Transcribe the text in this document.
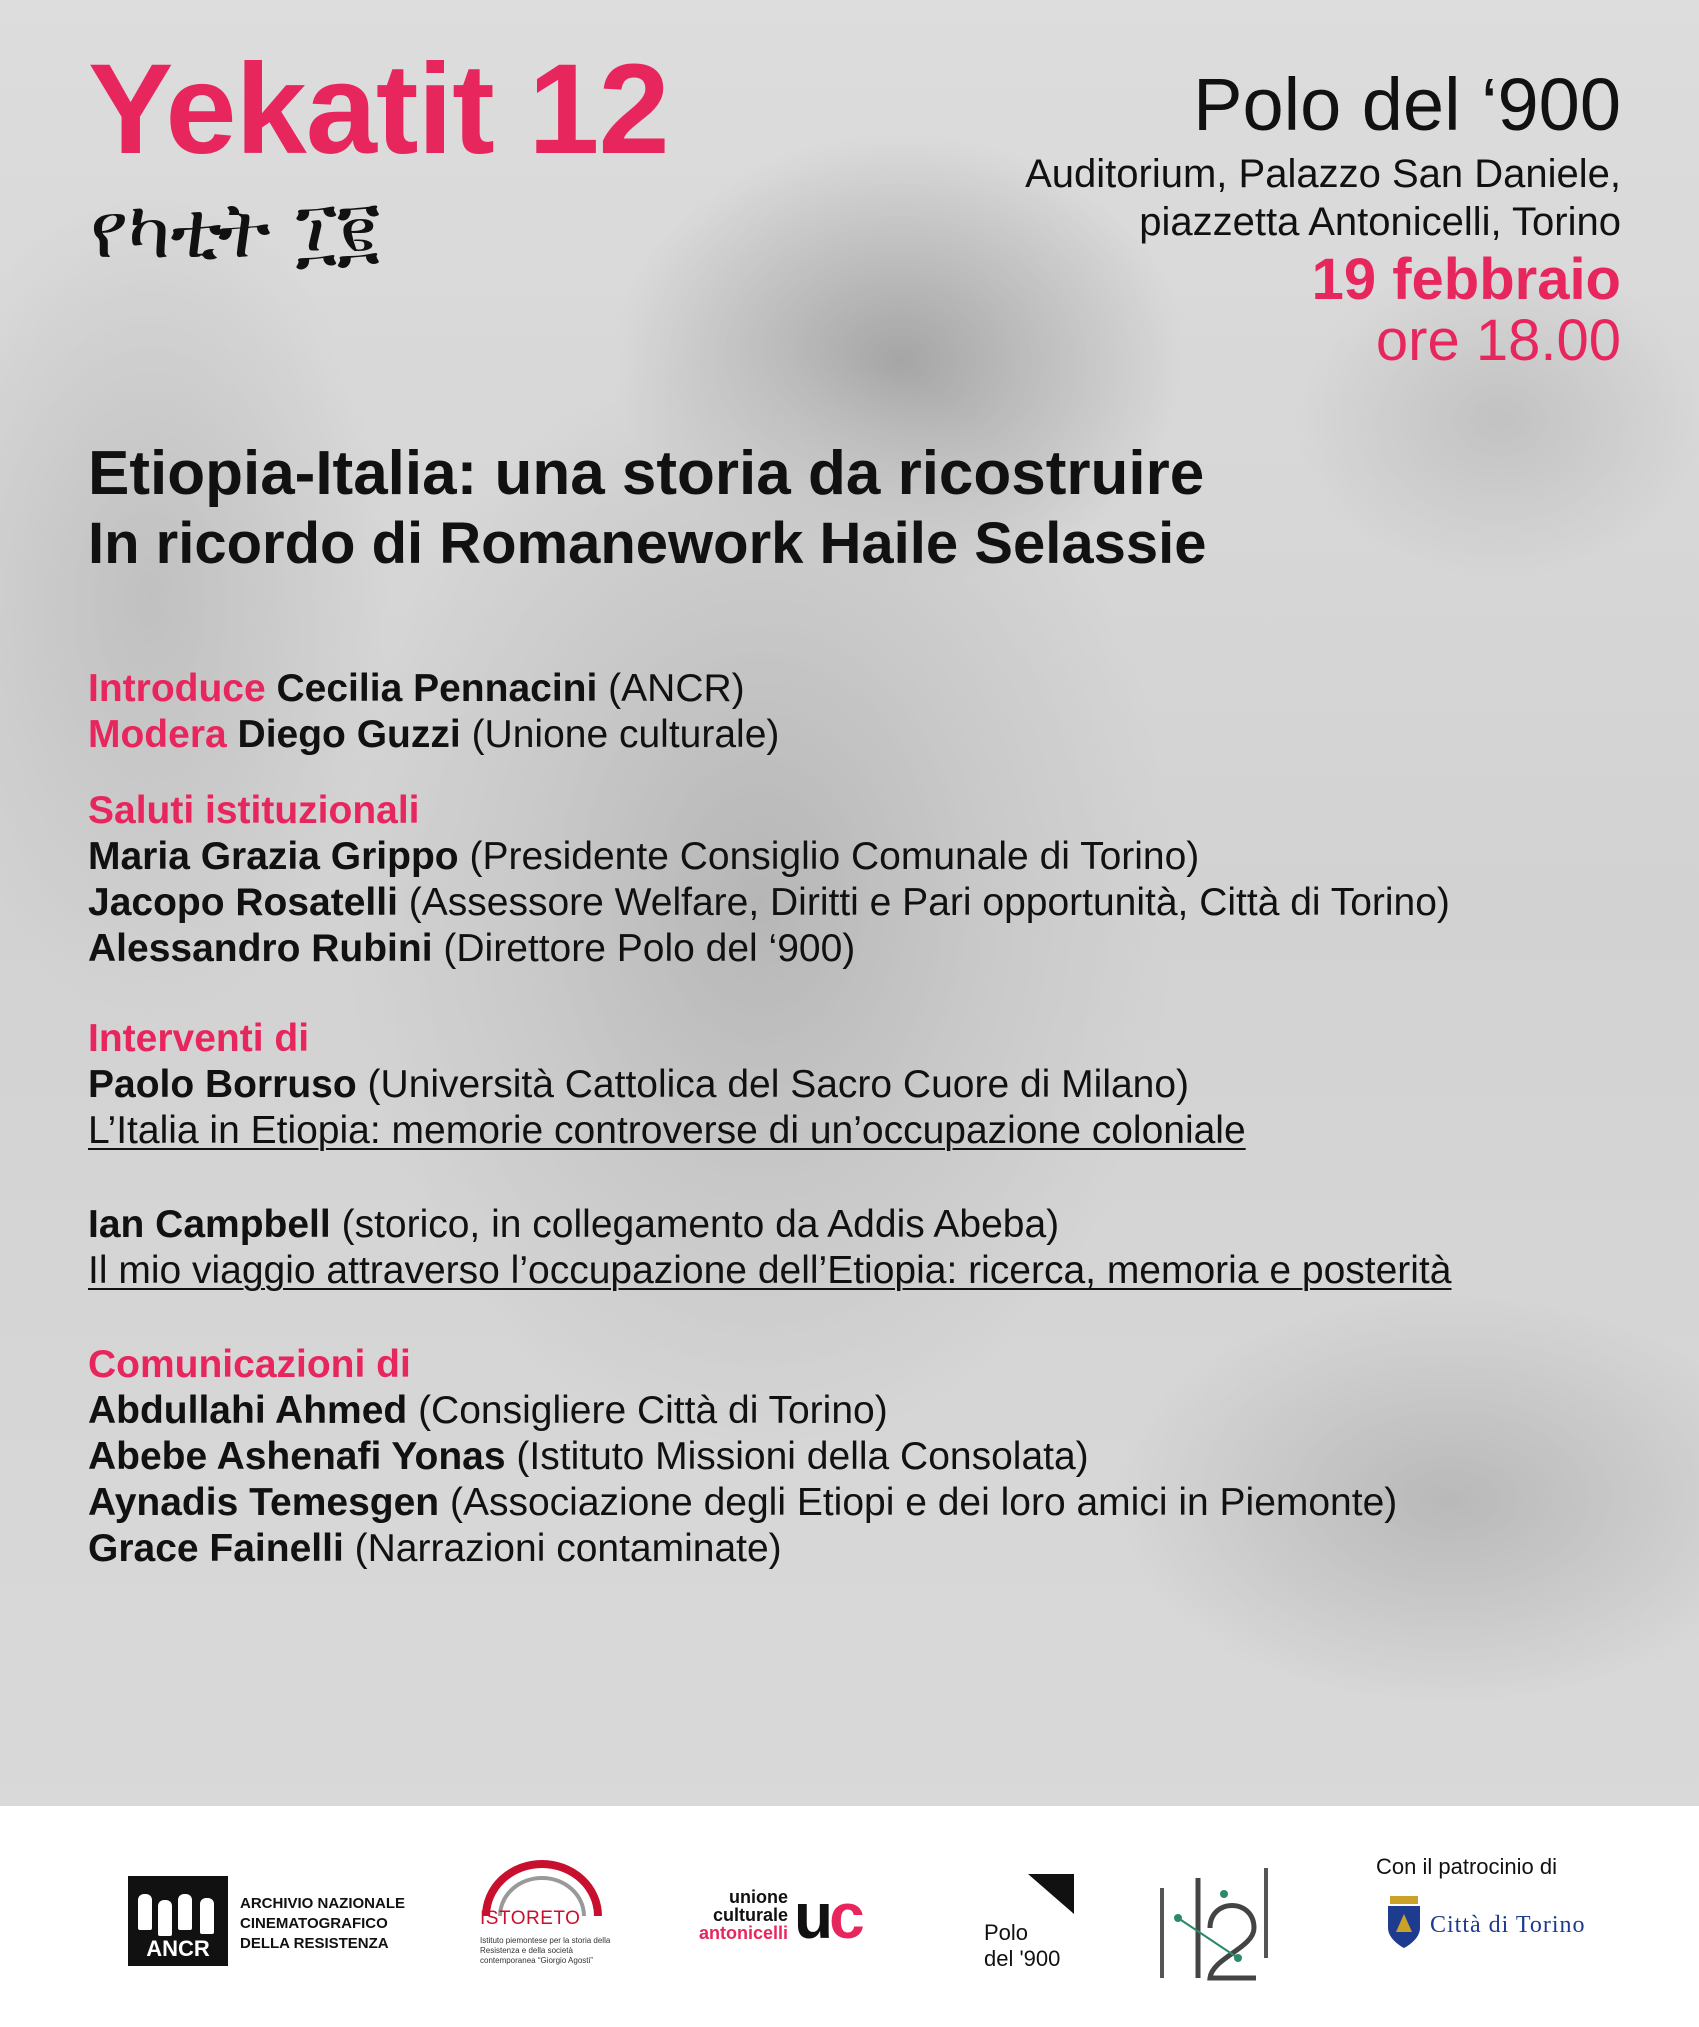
Yekatit 12
የካቲት ፲፪
Polo del ‘900
Auditorium, Palazzo San Daniele,
piazzetta Antonicelli, Torino
19 febbraio
ore 18.00
Etiopia-Italia: una storia da ricostruire
In ricordo di Romanework Haile Selassie
Introduce Cecilia Pennacini (ANCR)
Modera Diego Guzzi (Unione culturale)
Saluti istituzionali
Maria Grazia Grippo (Presidente Consiglio Comunale di Torino)
Jacopo Rosatelli (Assessore Welfare, Diritti e Pari opportunità, Città di Torino)
Alessandro Rubini (Direttore Polo del ‘900)
Interventi di
Paolo Borruso (Università Cattolica del Sacro Cuore di Milano)
L’Italia in Etiopia: memorie controverse di un’occupazione coloniale
Ian Campbell (storico, in collegamento da Addis Abeba)
Il mio viaggio attraverso l’occupazione dell’Etiopia: ricerca, memoria e posterità
Comunicazioni di
Abdullahi Ahmed (Consigliere Città di Torino)
Abebe Ashenafi Yonas (Istituto Missioni della Consolata)
Aynadis Temesgen (Associazione degli Etiopi e dei loro amici in Piemonte)
Grace Fainelli (Narrazioni contaminate)
ANCR
ARCHIVIO NAZIONALE
CINEMATOGRAFICO
DELLA RESISTENZA
ISTORETO
Istituto piemontese per la storia della Resistenza e della società contemporanea “Giorgio Agosti”
unione
culturale
antonicelli uc	Polo
del '900
Con il patrocinio di
Città di Torino
